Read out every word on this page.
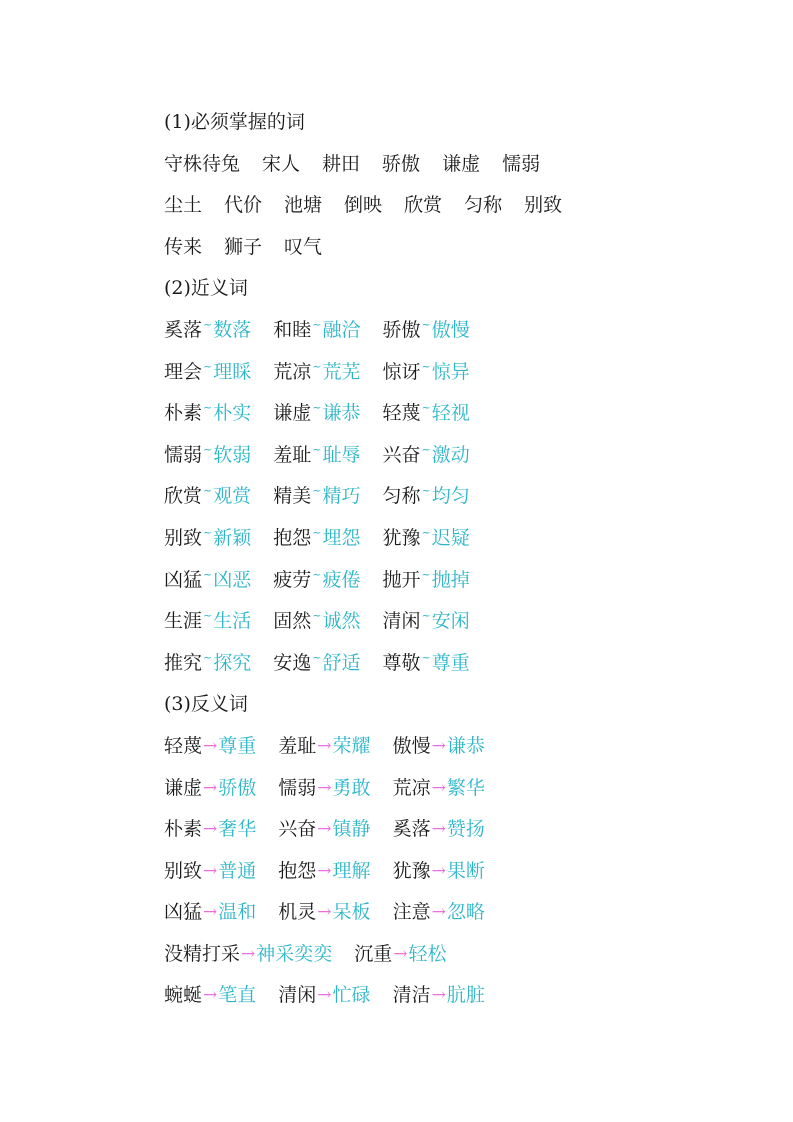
(1)必须掌握的词
守株待兔 宋人 耕田 骄傲 谦虚 懦弱
尘土 代价 池塘 倒映 欣赏 匀称 别致
传来 狮子 叹气
(2)近义词
奚落~数落 和睦~融洽 骄傲~傲慢
理会~理睬 荒凉~荒芜 惊讶~惊异
朴素~朴实 谦虚~谦恭 轻蔑~轻视
懦弱~软弱 羞耻~耻辱 兴奋~激动
欣赏~观赏 精美~精巧 匀称~均匀
别致~新颖 抱怨~埋怨 犹豫~迟疑
凶猛~凶恶 疲劳~疲倦 抛开~抛掉
生涯~生活 固然~诚然 清闲~安闲
推究~探究 安逸~舒适 尊敬~尊重
(3)反义词
轻蔑→尊重 羞耻→荣耀 傲慢→谦恭
谦虚→骄傲 懦弱→勇敢 荒凉→繁华
朴素→奢华 兴奋→镇静 奚落→赞扬
别致→普通 抱怨→理解 犹豫→果断
凶猛→温和 机灵→呆板 注意→忽略
没精打采→神采奕奕 沉重→轻松
蜿蜒→笔直 清闲→忙碌 清洁→肮脏
